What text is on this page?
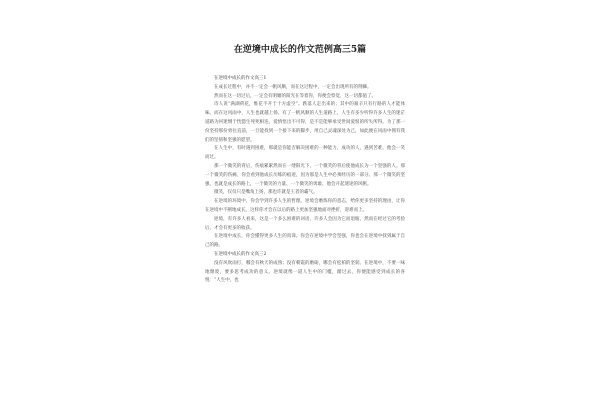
在逆境中成长的作文范例高三5篇

在逆境中成长的作文高三1

在成长过程中，并不一定会一帆风顺，而在这过程中，一定会出现所有的荆棘。

然而在这一切过后，一定会有明媚的阳光在等着你，你便会察觉，这一切都值了。

诗人说“满湖荷花，惟花不开于十方虚空”。跌落人走出来的；其中的艰辛只有行路的人才能体味。而在这风雨中，人生也就越上扬。有了一帆风顺的人生道路上，人生有多少听得许多人生的迷茫道路为何迷惘于恍惚生死死相连。爱情悟出不可得，是不是能够承受世间爱恨的所失所得。为了那一份坚持那份勇往直前，一旦能找到一个接下来的脚步，用自己灵魂深处为己，如此便在风雨中拥有我们的坚韧和坚强的愿望。

在人生中，有时遇到困难，那就是你能否解决困难的一种能力，成功的人，遇到苦难，他会一笑而过。

那一个微笑的背后，伤痕累累然而在一缕阳光下，一个微笑的背后使他成长为一个坚强的人。那一个微笑的伤痛，你会看到他成长历练的痕迹，因为那是人生中必须经历的一部分。那一个微笑的坚强，也就是成长的路上，一个微笑的力量、一个微笑的勇敢、他会开起迷途的风帆。

微笑，仅仅只是嘴角上扬，那也许就是王者的霸气。

在逆境的环境中，你会学到许多人生的哲理。逆境会磨炼你的意志，给你更多坚持的理由，让你在逆境中不断地成长。这样你才会在以后的路上更加坚强地面对挫折，迎难而上。

逆境，有许多人看来，这是一个多么困难的词语，许多人会因为它而退缩，然而在经过它的考验后，才会有更多的收获。

在逆境中成长，你会懂得更多人生的真谛。你会在逆境中学会坚强，你也会在逆境中找到属于自己的路。

在逆境中成长的作文高三2

没有风吹雨打，哪会有秋天的成熟；没有朝霞的磨砺，哪会有松柏的坚韧。在逆境中，不要一味地颓废，要多思考成功的意义。逆境就像一道人生中的门槛，踏过去，你便能感受到成长的喜悦：“人生中，也
